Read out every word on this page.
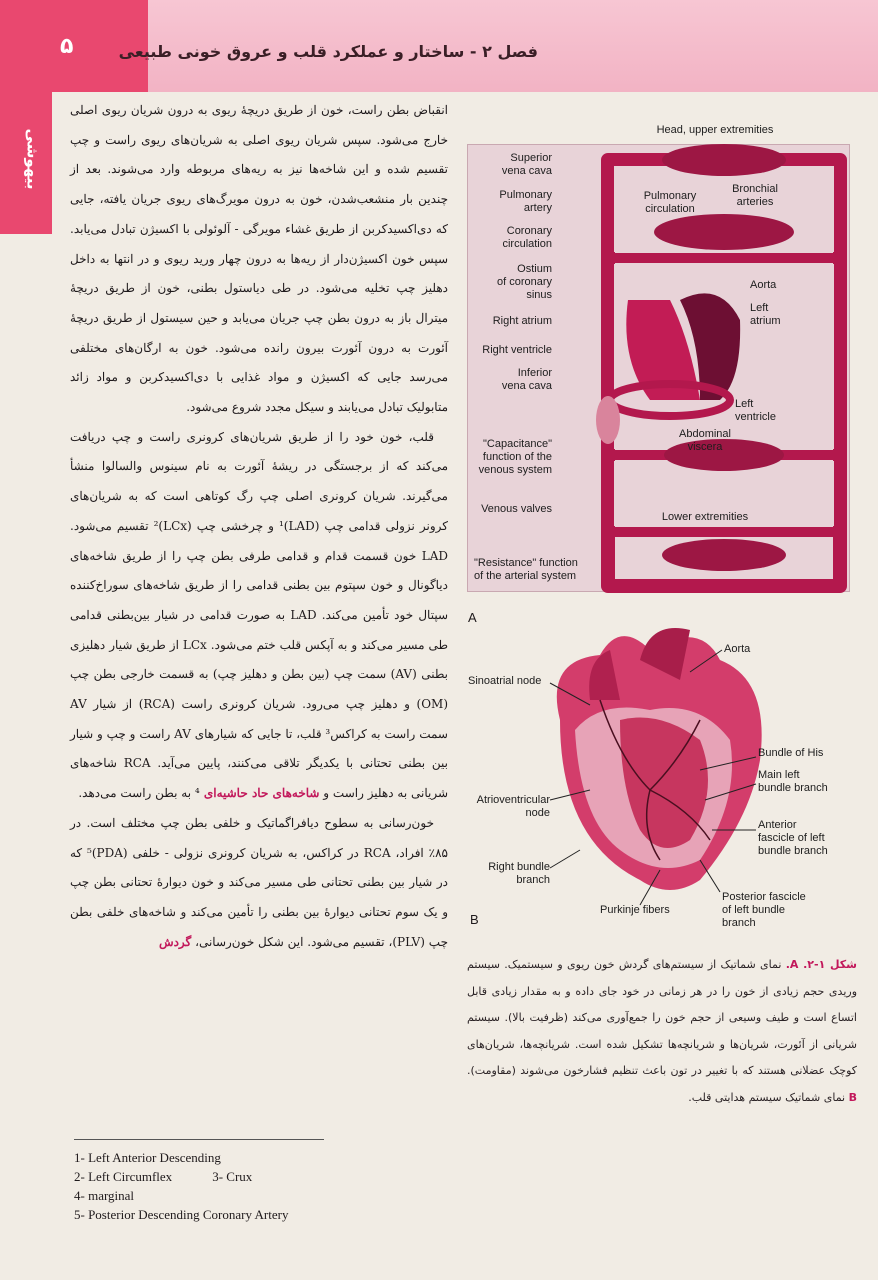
۵	فصل ۲ - ساختار و عملکرد قلب و عروق خونی طبیعی
بیهوشی
انقباض بطن راست، خون از طریق دریچهٔ ریوی به درون شریان ریوی اصلی خارج می‌شود. سپس شریان ریوی اصلی به شریان‌های ریوی راست و چپ تقسیم شده و این شاخه‌ها نیز به ریه‌های مربوطه وارد می‌شوند. بعد از چندین بار منشعب‌شدن، خون به درون مویرگ‌های ریوی جریان یافته، جایی که دی‌اکسیدکربن از طریق غشاء مویرگی - آلوئولی با اکسیژن تبادل می‌یابد. سپس خون اکسیژن‌دار از ریه‌ها به درون چهار ورید ریوی و در انتها به داخل دهلیز چپ تخلیه می‌شود. در طی دیاستول بطنی، خون از طریق دریچهٔ میترال باز به درون بطن چپ جریان می‌یابد و حین سیستول از طریق دریچهٔ آئورت به درون آئورت بیرون رانده می‌شود. خون به ارگان‌های مختلفی می‌رسد جایی که اکسیژن و مواد غذایی با دی‌اکسیدکربن و مواد زائد متابولیک تبادل می‌یابند و سیکل مجدد شروع می‌شود.
قلب، خون خود را از طریق شریان‌های کرونری راست و چپ دریافت می‌کند که از برجستگی در ریشهٔ آئورت به نام سینوس والسالوا منشأ می‌گیرند. شریان کرونری اصلی چپ رگ کوتاهی است که به شریان‌های کرونر نزولی قدامی چپ (LAD)¹ و چرخشی چپ (LCx)² تقسیم می‌شود. LAD خون قسمت قدام و قدامی طرفی بطن چپ را از طریق شاخه‌های دیاگونال و خون سپتوم بین بطنی قدامی را از طریق شاخه‌های سوراخ‌کننده سپتال خود تأمین می‌کند. LAD به صورت قدامی در شیار بین‌بطنی قدامی طی مسیر می‌کند و به آپکس قلب ختم می‌شود. LCx از طریق شیار دهلیزی بطنی (AV) سمت چپ (بین بطن و دهلیز چپ) به قسمت خارجی بطن چپ (OM) و دهلیز چپ می‌رود. شریان کرونری راست (RCA) از شیار AV سمت راست به کراکس³ قلب، تا جایی که شیارهای AV راست و چپ و شیار بین بطنی تحتانی با یکدیگر تلاقی می‌کنند، پایین می‌آید. RCA شاخه‌های شریانی به دهلیز راست و شاخه‌های حاد حاشیه‌ای ⁴ به بطن راست می‌دهد.
خون‌رسانی به سطوح دیافراگماتیک و خلفی بطن چپ مختلف است. در ۸۵٪ افراد، RCA در کراکس، به شریان کرونری نزولی - خلفی (PDA)⁵ که در شیار بین بطنی تحتانی طی مسیر می‌کند و خون دیوارهٔ تحتانی بطن چپ و یک سوم تحتانی دیوارهٔ بین بطنی را تأمین می‌کند و شاخه‌های خلفی بطن چپ (PLV)، تقسیم می‌شود. این شکل خون‌رسانی، گردش
1- Left Anterior Descending
2- Left Circumflex	3- Crux
4- marginal
5- Posterior Descending Coronary Artery
Head, upper extremities
Superior
vena cava
Pulmonary
artery
Coronary
circulation
Ostium
of coronary
sinus
Right atrium
Right ventricle
Inferior
vena cava
"Capacitance"
function of the
venous system
Venous valves
"Resistance" function
of the arterial system
Pulmonary
circulation
Bronchial
arteries
Aorta
Left
atrium
Left
ventricle
Abdominal
viscera
Lower extremities
A
Aorta
Sinoatrial node
Atrioventricular
node
Right bundle
branch
Purkinje fibers
Bundle of His
Main left
bundle branch
Anterior
fascicle of left
bundle branch
Posterior fascicle
of left bundle
branch
B
شکل ۱-۲. A. نمای شماتیک از سیستم‌های گردش خون ریوی و سیستمیک. سیستم وریدی حجم زیادی از خون را در هر زمانی در خود جای داده و به مقدار زیادی قابل اتساع است و طیف وسیعی از حجم خون را جمع‌آوری می‌کند (ظرفیت بالا). سیستم شریانی از آئورت، شریان‌ها و شریانچه‌ها تشکیل شده است. شریانچه‌ها، شریان‌های کوچک عضلانی هستند که با تغییر در تون باعث تنظیم فشارخون می‌شوند (مقاومت). B نمای شماتیک سیستم هدایتی قلب.
